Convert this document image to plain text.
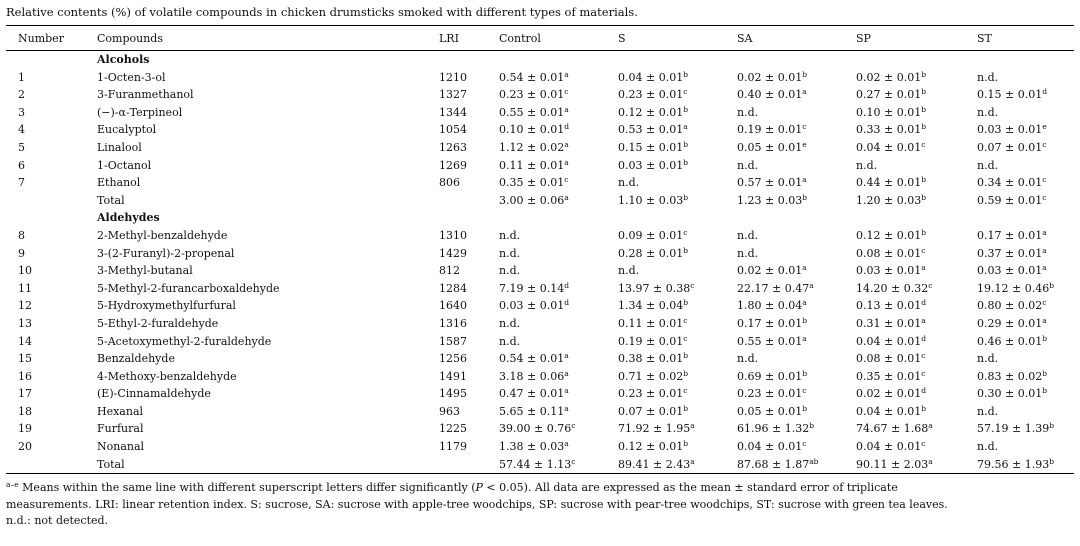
Relative contents (%) of volatile compounds in chicken drumsticks smoked with different types of materials.
Number	Compounds	LRI	Control	S	SA	SP	ST
	Alcohols						
1	1-Octen-3-ol	1210	0.54 ± 0.01$^a$	0.04 ± 0.01$^b$	0.02 ± 0.01$^b$	0.02 ± 0.01$^b$	n.d.
2	3-Furanmethanol	1327	0.23 ± 0.01$^c$	0.23 ± 0.01$^c$	0.40 ± 0.01$^a$	0.27 ± 0.01$^b$	0.15 ± 0.01$^d$
3	(−)-α-Terpineol	1344	0.55 ± 0.01$^a$	0.12 ± 0.01$^b$	n.d.	0.10 ± 0.01$^b$	n.d.
4	Eucalyptol	1054	0.10 ± 0.01$^d$	0.53 ± 0.01$^a$	0.19 ± 0.01$^c$	0.33 ± 0.01$^b$	0.03 ± 0.01$^e$
5	Linalool	1263	1.12 ± 0.02$^a$	0.15 ± 0.01$^b$	0.05 ± 0.01$^e$	0.04 ± 0.01$^c$	0.07 ± 0.01$^c$
6	1-Octanol	1269	0.11 ± 0.01$^a$	0.03 ± 0.01$^b$	n.d.	n.d.	n.d.
7	Ethanol	806	0.35 ± 0.01$^c$	n.d.	0.57 ± 0.01$^a$	0.44 ± 0.01$^b$	0.34 ± 0.01$^c$
	Total		3.00 ± 0.06$^a$	1.10 ± 0.03$^b$	1.23 ± 0.03$^b$	1.20 ± 0.03$^b$	0.59 ± 0.01$^c$
	Aldehydes						
8	2-Methyl-benzaldehyde	1310	n.d.	0.09 ± 0.01$^c$	n.d.	0.12 ± 0.01$^b$	0.17 ± 0.01$^a$
9	3-(2-Furanyl)-2-propenal	1429	n.d.	0.28 ± 0.01$^b$	n.d.	0.08 ± 0.01$^c$	0.37 ± 0.01$^a$
10	3-Methyl-butanal	812	n.d.	n.d.	0.02 ± 0.01$^a$	0.03 ± 0.01$^a$	0.03 ± 0.01$^a$
11	5-Methyl-2-furancarboxaldehyde	1284	7.19 ± 0.14$^d$	13.97 ± 0.38$^c$	22.17 ± 0.47$^a$	14.20 ± 0.32$^c$	19.12 ± 0.46$^b$
12	5-Hydroxymethylfurfural	1640	0.03 ± 0.01$^d$	1.34 ± 0.04$^b$	1.80 ± 0.04$^a$	0.13 ± 0.01$^d$	0.80 ± 0.02$^c$
13	5-Ethyl-2-furaldehyde	1316	n.d.	0.11 ± 0.01$^c$	0.17 ± 0.01$^b$	0.31 ± 0.01$^a$	0.29 ± 0.01$^a$
14	5-Acetoxymethyl-2-furaldehyde	1587	n.d.	0.19 ± 0.01$^c$	0.55 ± 0.01$^a$	0.04 ± 0.01$^d$	0.46 ± 0.01$^b$
15	Benzaldehyde	1256	0.54 ± 0.01$^a$	0.38 ± 0.01$^b$	n.d.	0.08 ± 0.01$^c$	n.d.
16	4-Methoxy-benzaldehyde	1491	3.18 ± 0.06$^a$	0.71 ± 0.02$^b$	0.69 ± 0.01$^b$	0.35 ± 0.01$^c$	0.83 ± 0.02$^b$
17	(E)-Cinnamaldehyde	1495	0.47 ± 0.01$^a$	0.23 ± 0.01$^c$	0.23 ± 0.01$^c$	0.02 ± 0.01$^d$	0.30 ± 0.01$^b$
18	Hexanal	963	5.65 ± 0.11$^a$	0.07 ± 0.01$^b$	0.05 ± 0.01$^b$	0.04 ± 0.01$^b$	n.d.
19	Furfural	1225	39.00 ± 0.76$^c$	71.92 ± 1.95$^a$	61.96 ± 1.32$^b$	74.67 ± 1.68$^a$	57.19 ± 1.39$^b$
20	Nonanal	1179	1.38 ± 0.03$^a$	0.12 ± 0.01$^b$	0.04 ± 0.01$^c$	0.04 ± 0.01$^c$	n.d.
	Total		57.44 ± 1.13$^c$	89.41 ± 2.43$^a$	87.68 ± 1.87$^{ab}$	90.11 ± 2.03$^a$	79.56 ± 1.93$^b$

$^{a-e}$ Means within the same line with different superscript letters differ significantly (P < 0.05). All data are expressed as the mean ± standard error of triplicate

measurements. LRI: linear retention index. S: sucrose, SA: sucrose with apple-tree woodchips, SP: sucrose with pear-tree woodchips, ST: sucrose with green tea leaves.

n.d.: not detected.
